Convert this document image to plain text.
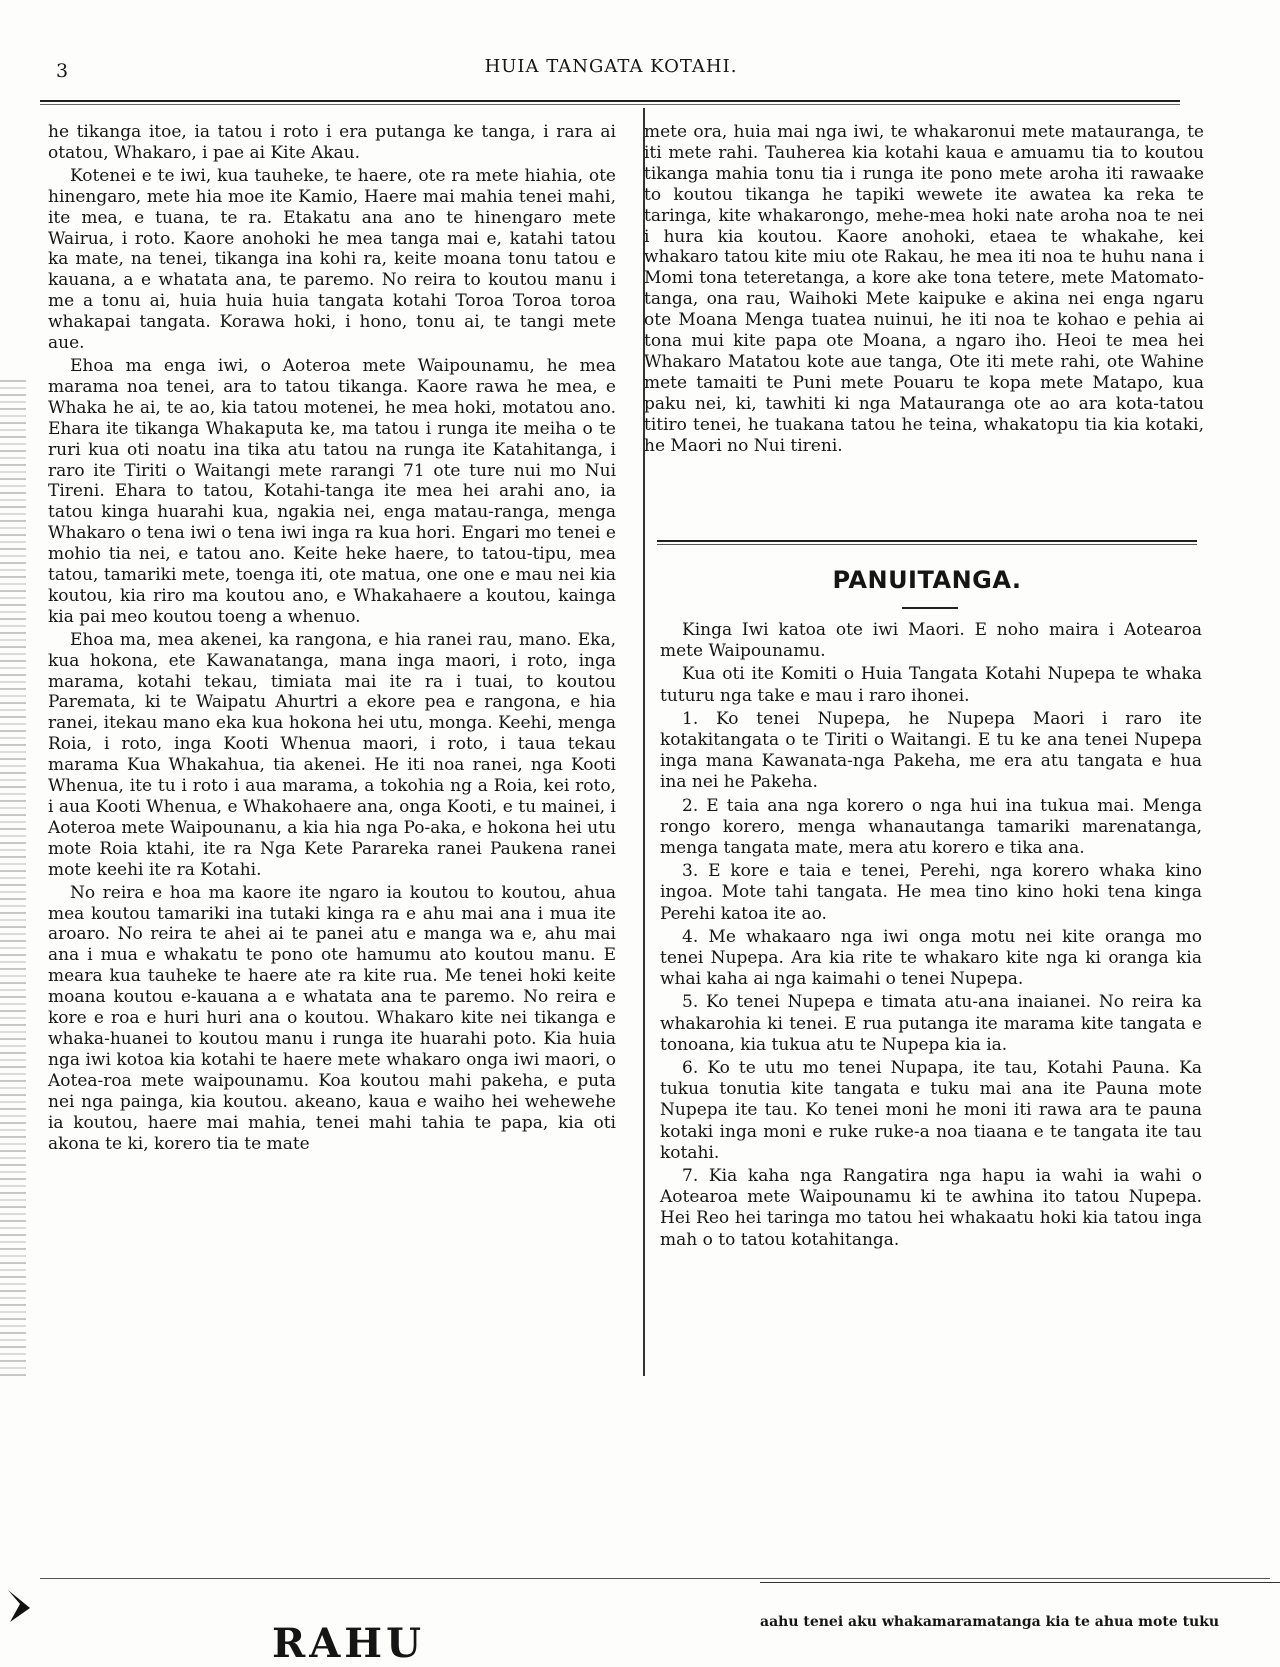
3	HUIA TANGATA KOTAHI.

he tikanga itoe, ia tatou i roto i era putanga ke tanga, i rara ai otatou, Whakaro, i pae ai Kite Akau.

Kotenei e te iwi, kua tauheke, te haere, ote ra mete hiahia, ote hinengaro, mete hia moe ite Kamio, Haere mai mahia tenei mahi, ite mea, e tuana, te ra. Etakatu ana ano te hinengaro mete Wairua, i roto. Kaore anohoki he mea tanga mai e, katahi tatou ka mate, na tenei, tikanga ina kohi ra, keite moana tonu tatou e kauana, a e whatata ana, te paremo. No reira to koutou manu i me a tonu ai, huia huia huia tangata kotahi Toroa Toroa toroa whakapai tangata. Korawa hoki, i hono, tonu ai, te tangi mete aue.

Ehoa ma enga iwi, o Aoteroa mete Waipounamu, he mea marama noa tenei, ara to tatou tikanga. Kaore rawa he mea, e Whaka he ai, te ao, kia tatou motenei, he mea hoki, motatou ano. Ehara ite tikanga Whakaputa ke, ma tatou i runga ite meiha o te ruri kua oti noatu ina tika atu tatou na runga ite Katahitanga, i raro ite Tiriti o Waitangi mete rarangi 71 ote ture nui mo Nui Tireni. Ehara to tatou, Kotahi-tanga ite mea hei arahi ano, ia tatou kinga huarahi kua, ngakia nei, enga matau-ranga, menga Whakaro o tena iwi o tena iwi inga ra kua hori. Engari mo tenei e mohio tia nei, e tatou ano. Keite heke haere, to tatou-tipu, mea tatou, tamariki mete, toenga iti, ote matua, one one e mau nei kia koutou, kia riro ma koutou ano, e Whakahaere a koutou, kainga kia pai meo koutou toeng a whenuo.

Ehoa ma, mea akenei, ka rangona, e hia ranei rau, mano. Eka, kua hokona, ete Kawanatanga, mana inga maori, i roto, inga marama, kotahi tekau, timiata mai ite ra i tuai, to koutou Paremata, ki te Waipatu Ahurtri a ekore pea e rangona, e hia ranei, itekau mano eka kua hokona hei utu, monga. Keehi, menga Roia, i roto, inga Kooti Whenua maori, i roto, i taua tekau marama Kua Whakahua, tia akenei. He iti noa ranei, nga Kooti Whenua, ite tu i roto i aua marama, a tokohia ng a Roia, kei roto, i aua Kooti Whenua, e Whakohaere ana, onga Kooti, e tu mainei, i Aoteroa mete Waipounanu, a kia hia nga Po-aka, e hokona hei utu mote Roia ktahi, ite ra Nga Kete Parareka ranei Paukena ranei mote keehi ite ra Kotahi.

No reira e hoa ma kaore ite ngaro ia koutou to koutou, ahua mea koutou tamariki ina tutaki kinga ra e ahu mai ana i mua ite aroaro. No reira te ahei ai te panei atu e manga wa e, ahu mai ana i mua e whakatu te pono ote hamumu ato koutou manu. E meara kua tauheke te haere ate ra kite rua. Me tenei hoki keite moana koutou e-kauana a e whatata ana te paremo. No reira e kore e roa e huri huri ana o koutou. Whakaro kite nei tikanga e whaka-huanei to koutou manu i runga ite huarahi poto. Kia huia nga iwi kotoa kia kotahi te haere mete whakaro onga iwi maori, o Aotea-roa mete waipounamu. Koa koutou mahi pakeha, e puta nei nga painga, kia koutou. akeano, kaua e waiho hei wehewehe ia koutou, haere mai mahia, tenei mahi tahia te papa, kia oti akona te ki, korero tia te mate

mete ora, huia mai nga iwi, te whakaronui mete matauranga, te iti mete rahi. Tauherea kia kotahi kaua e amuamu tia to koutou tikanga mahia tonu tia i runga ite pono mete aroha iti rawaake to koutou tikanga he tapiki wewete ite awatea ka reka te taringa, kite whakarongo, mehe-mea hoki nate aroha noa te nei i hura kia koutou. Kaore anohoki, etaea te whakahe, kei whakaro tatou kite miu ote Rakau, he mea iti noa te huhu nana i Momi tona teteretanga, a kore ake tona tetere, mete Matomato-tanga, ona rau, Waihoki Mete kaipuke e akina nei enga ngaru ote Moana Menga tuatea nuinui, he iti noa te kohao e pehia ai tona mui kite papa ote Moana, a ngaro iho. Heoi te mea hei Whakaro Matatou kote aue tanga, Ote iti mete rahi, ote Wahine mete tamaiti te Puni mete Pouaru te kopa mete Matapo, kua paku nei, ki, tawhiti ki nga Matauranga ote ao ara kota-tatou titiro tenei, he tuakana tatou he teina, whakatopu tia kia kotaki, he Maori no Nui tireni.

PANUITANGA.

Kinga Iwi katoa ote iwi Maori. E noho maira i Aotearoa mete Waipounamu.

Kua oti ite Komiti o Huia Tangata Kotahi Nupepa te whaka tuturu nga take e mau i raro ihonei.

1. Ko tenei Nupepa, he Nupepa Maori i raro ite kotakitangata o te Tiriti o Waitangi. E tu ke ana tenei Nupepa inga mana Kawanata-nga Pakeha, me era atu tangata e hua ina nei he Pakeha.

2. E taia ana nga korero o nga hui ina tukua mai. Menga rongo korero, menga whanautanga tamariki marenatanga, menga tangata mate, mera atu korero e tika ana.

3. E kore e taia e tenei, Perehi, nga korero whaka kino ingoa. Mote tahi tangata. He mea tino kino hoki tena kinga Perehi katoa ite ao.

4. Me whakaaro nga iwi onga motu nei kite oranga mo tenei Nupepa. Ara kia rite te whakaro kite nga ki oranga kia whai kaha ai nga kaimahi o tenei Nupepa.

5. Ko tenei Nupepa e timata atu-ana inaianei. No reira ka whakarohia ki tenei. E rua putanga ite marama kite tangata e tonoana, kia tukua atu te Nupepa kia ia.

6. Ko te utu mo tenei Nupapa, ite tau, Kotahi Pauna. Ka tukua tonutia kite tangata e tuku mai ana ite Pauna mote Nupepa ite tau. Ko tenei moni he moni iti rawa ara te pauna kotaki inga moni e ruke ruke-a noa tiaana e te tangata ite tau kotahi.

7. Kia kaha nga Rangatira nga hapu ia wahi ia wahi o Aotearoa mete Waipounamu ki te awhina ito tatou Nupepa. Hei Reo hei taringa mo tatou hei whakaatu hoki kia tatou inga mah o to tatou kotahitanga.

RAHU	aahu tenei aku whakamaramatanga kia te ahua mote tuku
